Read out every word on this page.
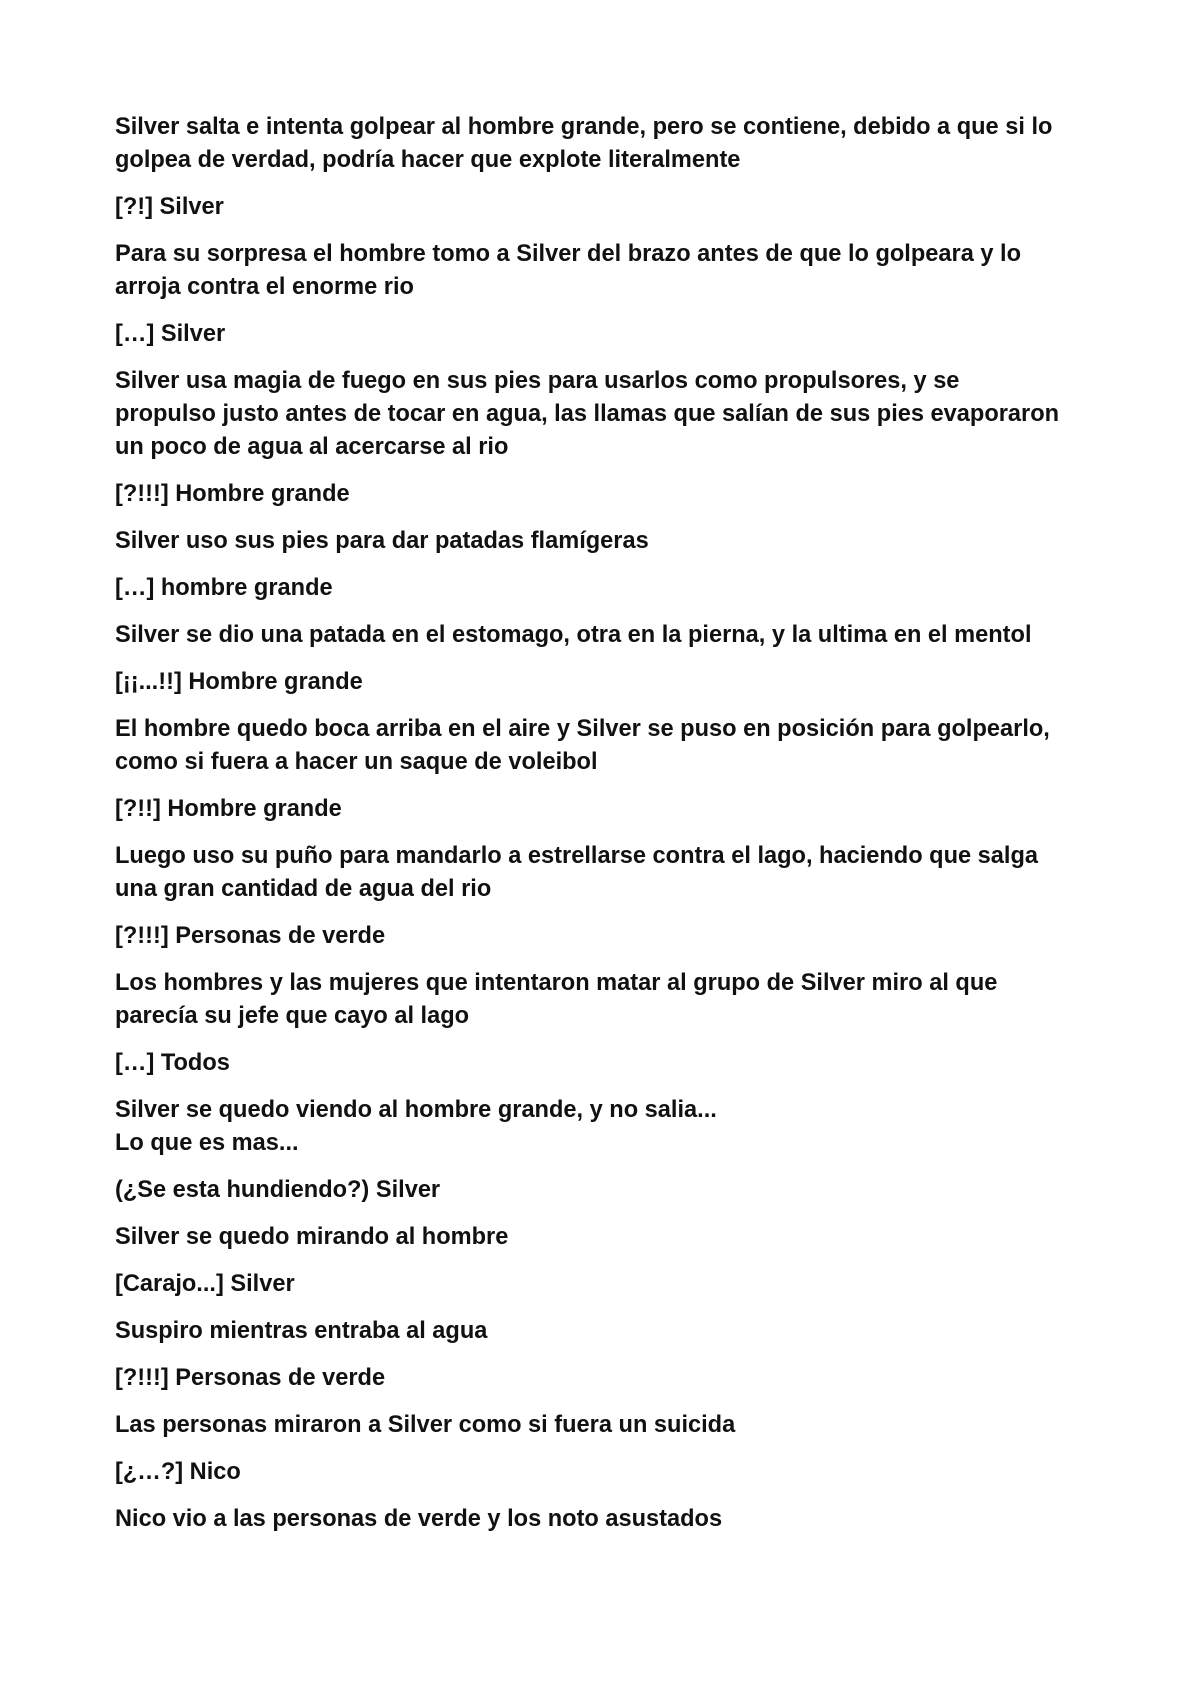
Silver salta e intenta golpear al hombre grande, pero se contiene, debido a que si lo
golpea de verdad, podría hacer que explote literalmente

[?!] Silver

Para su sorpresa el hombre tomo a Silver del brazo antes de que lo golpeara y lo
arroja contra el enorme rio

[…] Silver

Silver usa magia de fuego en sus pies para usarlos como propulsores, y se
propulso justo antes de tocar en agua, las llamas que salían de sus pies evaporaron
un poco de agua al acercarse al rio

[?!!!] Hombre grande

Silver uso sus pies para dar patadas flamígeras

[…] hombre grande

Silver se dio una patada en el estomago, otra en la pierna, y la ultima en el mentol

[¡¡...!!] Hombre grande

El hombre quedo boca arriba en el aire y Silver se puso en posición para golpearlo,
como si fuera a hacer un saque de voleibol

[?!!] Hombre grande

Luego uso su puño para mandarlo a estrellarse contra el lago, haciendo que salga
una gran cantidad de agua del rio

[?!!!] Personas de verde

Los hombres y las mujeres que intentaron matar al grupo de Silver miro al que
parecía su jefe que cayo al lago

[…] Todos

Silver se quedo viendo al hombre grande, y no salia...
Lo que es mas...

(¿Se esta hundiendo?) Silver

Silver se quedo mirando al hombre

[Carajo...] Silver

Suspiro mientras entraba al agua

[?!!!] Personas de verde

Las personas miraron a Silver como si fuera un suicida

[¿…?] Nico

Nico vio a las personas de verde y los noto asustados
